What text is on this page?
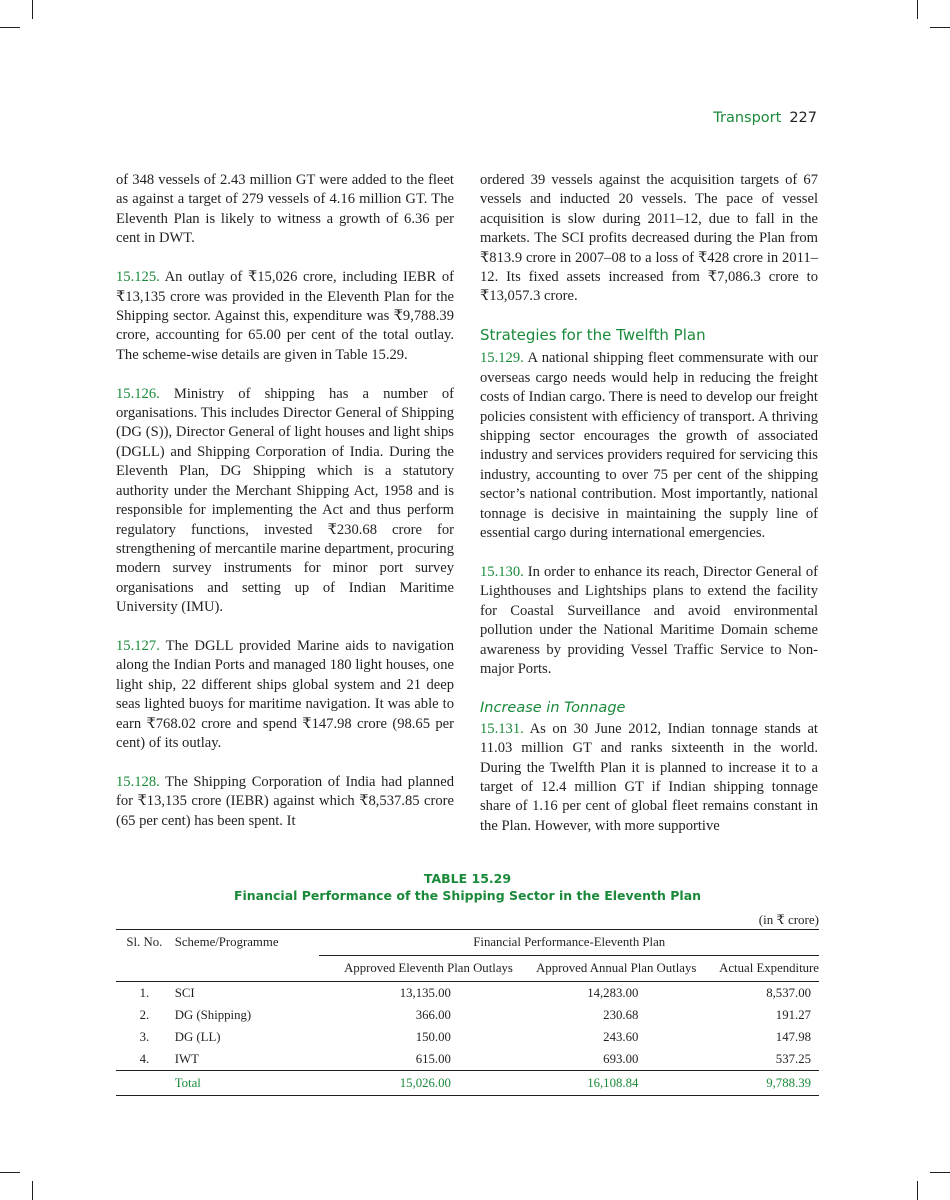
Transport 227

of 348 vessels of 2.43 million GT were added to the fleet as against a target of 279 vessels of 4.16 million GT. The Eleventh Plan is likely to witness a growth of 6.36 per cent in DWT.

15.125. An outlay of ₹15,026 crore, including IEBR of ₹13,135 crore was provided in the Eleventh Plan for the Shipping sector. Against this, expenditure was ₹9,788.39 crore, accounting for 65.00 per cent of the total outlay. The scheme-wise details are given in Table 15.29.

15.126. Ministry of shipping has a number of organisations. This includes Director General of Shipping (DG (S)), Director General of light houses and light ships (DGLL) and Shipping Corporation of India. During the Eleventh Plan, DG Shipping which is a statutory authority under the Merchant Shipping Act, 1958 and is responsible for implementing the Act and thus perform regulatory functions, invested ₹230.68 crore for strengthening of mercantile marine department, procuring modern survey instruments for minor port survey organisations and setting up of Indian Maritime University (IMU).

15.127. The DGLL provided Marine aids to navigation along the Indian Ports and managed 180 light houses, one light ship, 22 different ships global system and 21 deep seas lighted buoys for maritime navigation. It was able to earn ₹768.02 crore and spend ₹147.98 crore (98.65 per cent) of its outlay.

15.128. The Shipping Corporation of India had planned for ₹13,135 crore (IEBR) against which ₹8,537.85 crore (65 per cent) has been spent. It

ordered 39 vessels against the acquisition targets of 67 vessels and inducted 20 vessels. The pace of vessel acquisition is slow during 2011–12, due to fall in the markets. The SCI profits decreased during the Plan from ₹813.9 crore in 2007–08 to a loss of ₹428 crore in 2011–12. Its fixed assets increased from ₹7,086.3 crore to ₹13,057.3 crore.

Strategies for the Twelfth Plan

15.129. A national shipping fleet commensurate with our overseas cargo needs would help in reducing the freight costs of Indian cargo. There is need to develop our freight policies consistent with efficiency of transport. A thriving shipping sector encourages the growth of associated industry and services providers required for servicing this industry, accounting to over 75 per cent of the shipping sector’s national contribution. Most importantly, national tonnage is decisive in maintaining the supply line of essential cargo during international emergencies.

15.130. In order to enhance its reach, Director General of Lighthouses and Lightships plans to extend the facility for Coastal Surveillance and avoid environmental pollution under the National Maritime Domain scheme awareness by providing Vessel Traffic Service to Non-major Ports.

Increase in Tonnage

15.131. As on 30 June 2012, Indian tonnage stands at 11.03 million GT and ranks sixteenth in the world. During the Twelfth Plan it is planned to increase it to a target of 12.4 million GT if Indian shipping tonnage share of 1.16 per cent of global fleet remains constant in the Plan. However, with more supportive

TABLE 15.29
Financial Performance of the Shipping Sector in the Eleventh Plan
(in ₹ crore)
Sl. No.	Scheme/Programme	Financial Performance-Eleventh Plan		
		Approved Eleventh Plan Outlays	Approved Annual Plan Outlays	Actual Expenditure
1.	SCI	13,135.00	14,283.00	8,537.00
2.	DG (Shipping)	366.00	230.68	191.27
3.	DG (LL)	150.00	243.60	147.98
4.	IWT	615.00	693.00	537.25
	Total	15,026.00	16,108.84	9,788.39
